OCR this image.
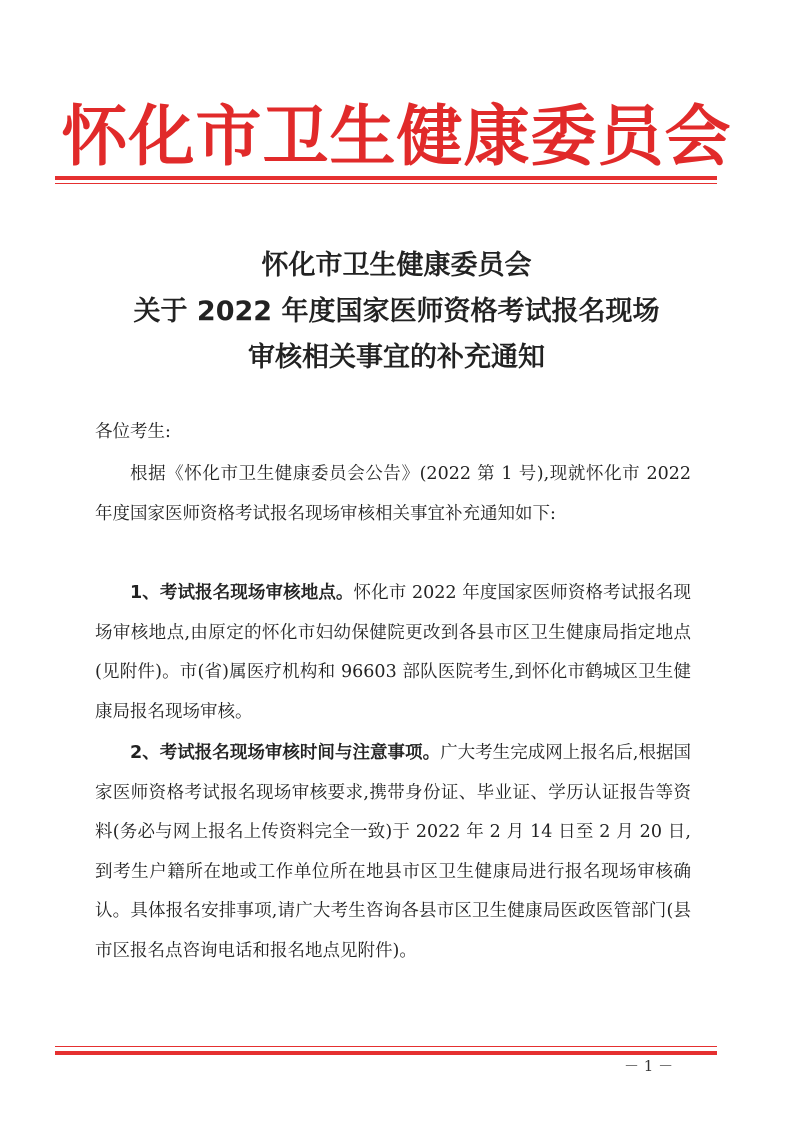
怀化市卫生健康委员会
怀化市卫生健康委员会
关于 2022 年度国家医师资格考试报名现场
审核相关事宜的补充通知
各位考生:
根据《怀化市卫生健康委员会公告》(2022 第 1 号),现就怀化市 2022 年度国家医师资格考试报名现场审核相关事宜补充通知如下:
1、考试报名现场审核地点。怀化市 2022 年度国家医师资格考试报名现场审核地点,由原定的怀化市妇幼保健院更改到各县市区卫生健康局指定地点(见附件)。市(省)属医疗机构和 96603 部队医院考生,到怀化市鹤城区卫生健康局报名现场审核。
2、考试报名现场审核时间与注意事项。广大考生完成网上报名后,根据国家医师资格考试报名现场审核要求,携带身份证、毕业证、学历认证报告等资料(务必与网上报名上传资料完全一致)于 2022 年 2 月 14 日至 2 月 20 日,到考生户籍所在地或工作单位所在地县市区卫生健康局进行报名现场审核确认。具体报名安排事项,请广大考生咨询各县市区卫生健康局医政医管部门(县市区报名点咨询电话和报名地点见附件)。
－ 1 －
